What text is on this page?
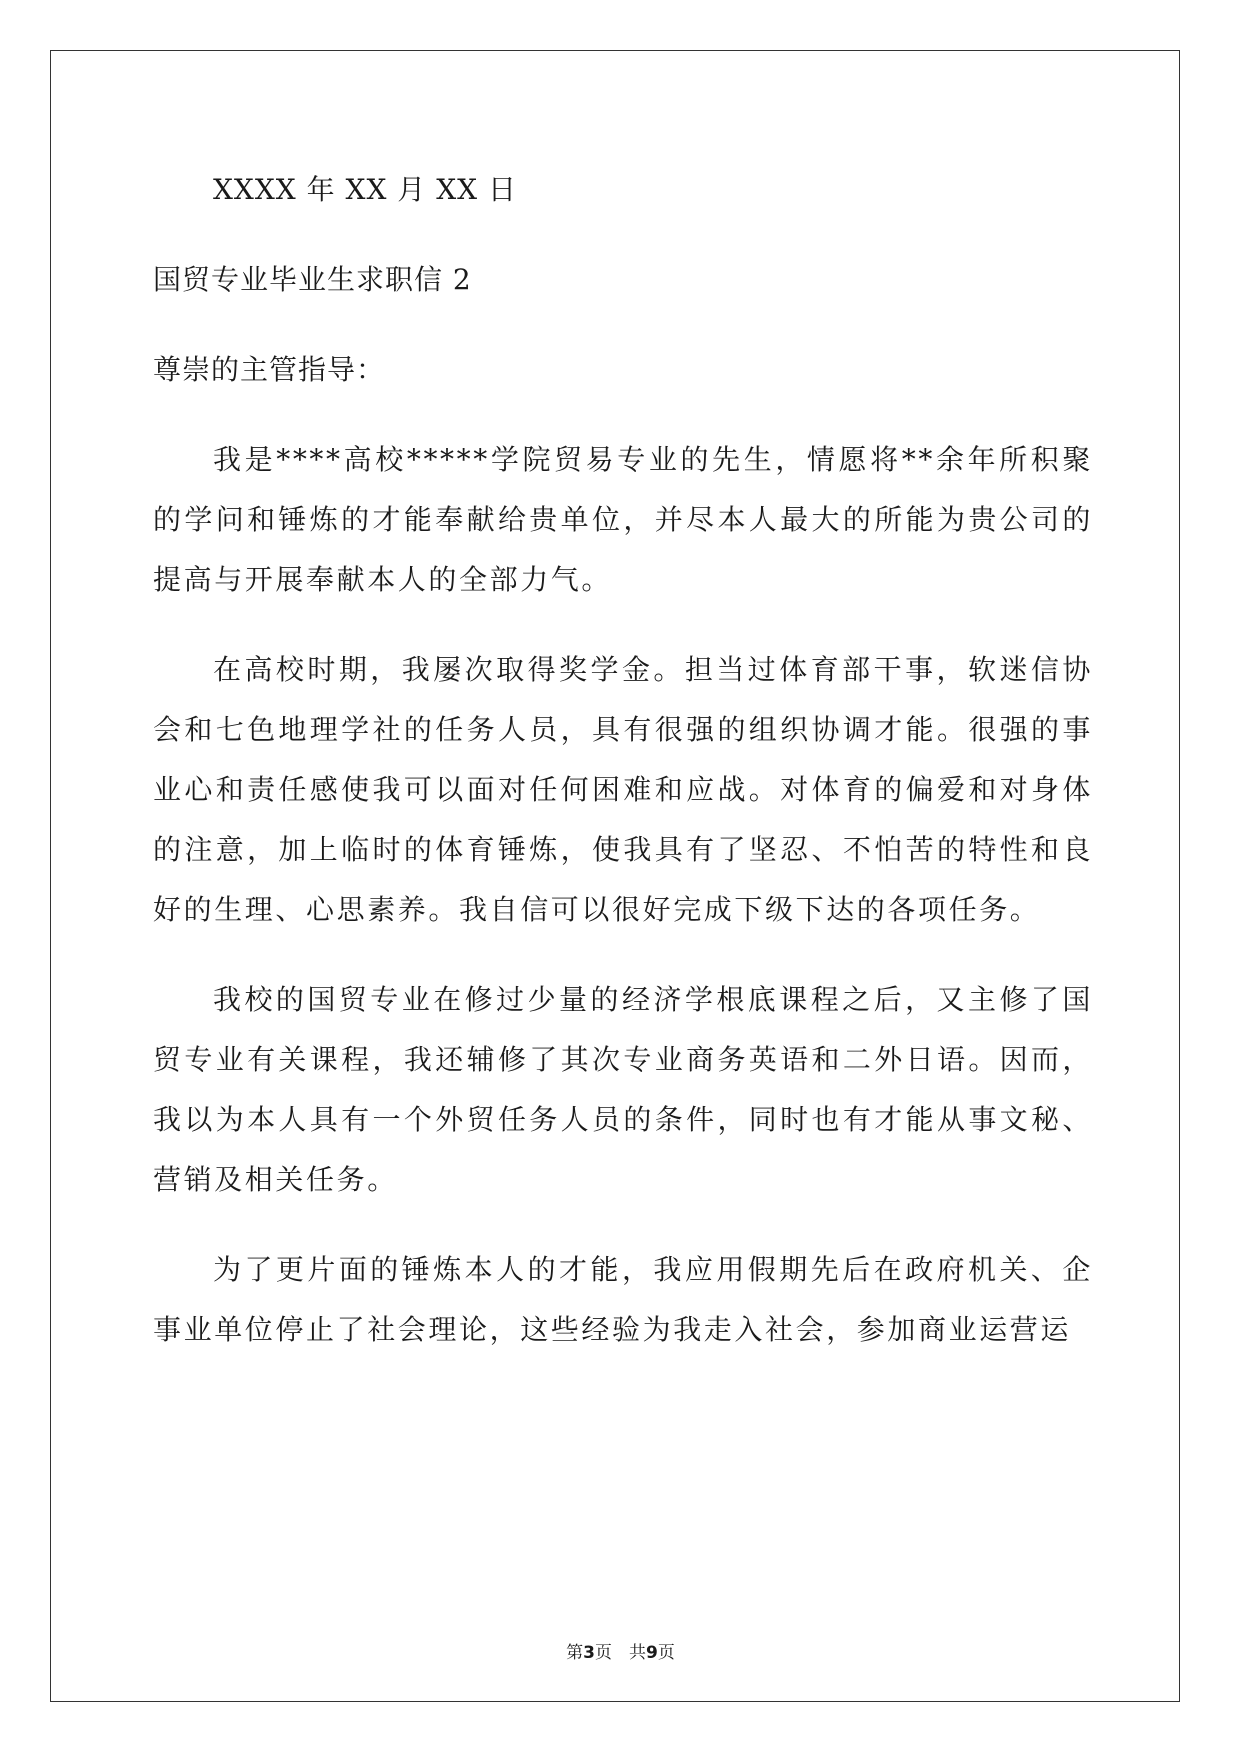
XXXX 年 XX 月 XX 日
国贸专业毕业生求职信 2
尊崇的主管指导：

我是****高校*****学院贸易专业的先生，情愿将**余年所积聚的学问和锤炼的才能奉献给贵单位，并尽本人最大的所能为贵公司的提高与开展奉献本人的全部力气。

在高校时期，我屡次取得奖学金。担当过体育部干事，软迷信协会和七色地理学社的任务人员，具有很强的组织协调才能。很强的事业心和责任感使我可以面对任何困难和应战。对体育的偏爱和对身体的注意，加上临时的体育锤炼，使我具有了坚忍、不怕苦的特性和良好的生理、心思素养。我自信可以很好完成下级下达的各项任务。

我校的国贸专业在修过少量的经济学根底课程之后，又主修了国贸专业有关课程，我还辅修了其次专业商务英语和二外日语。因而，我以为本人具有一个外贸任务人员的条件，同时也有才能从事文秘、营销及相关任务。

为了更片面的锤炼本人的才能，我应用假期先后在政府机关、企事业单位停止了社会理论，这些经验为我走入社会，参加商业运营运

第3页　共9页
